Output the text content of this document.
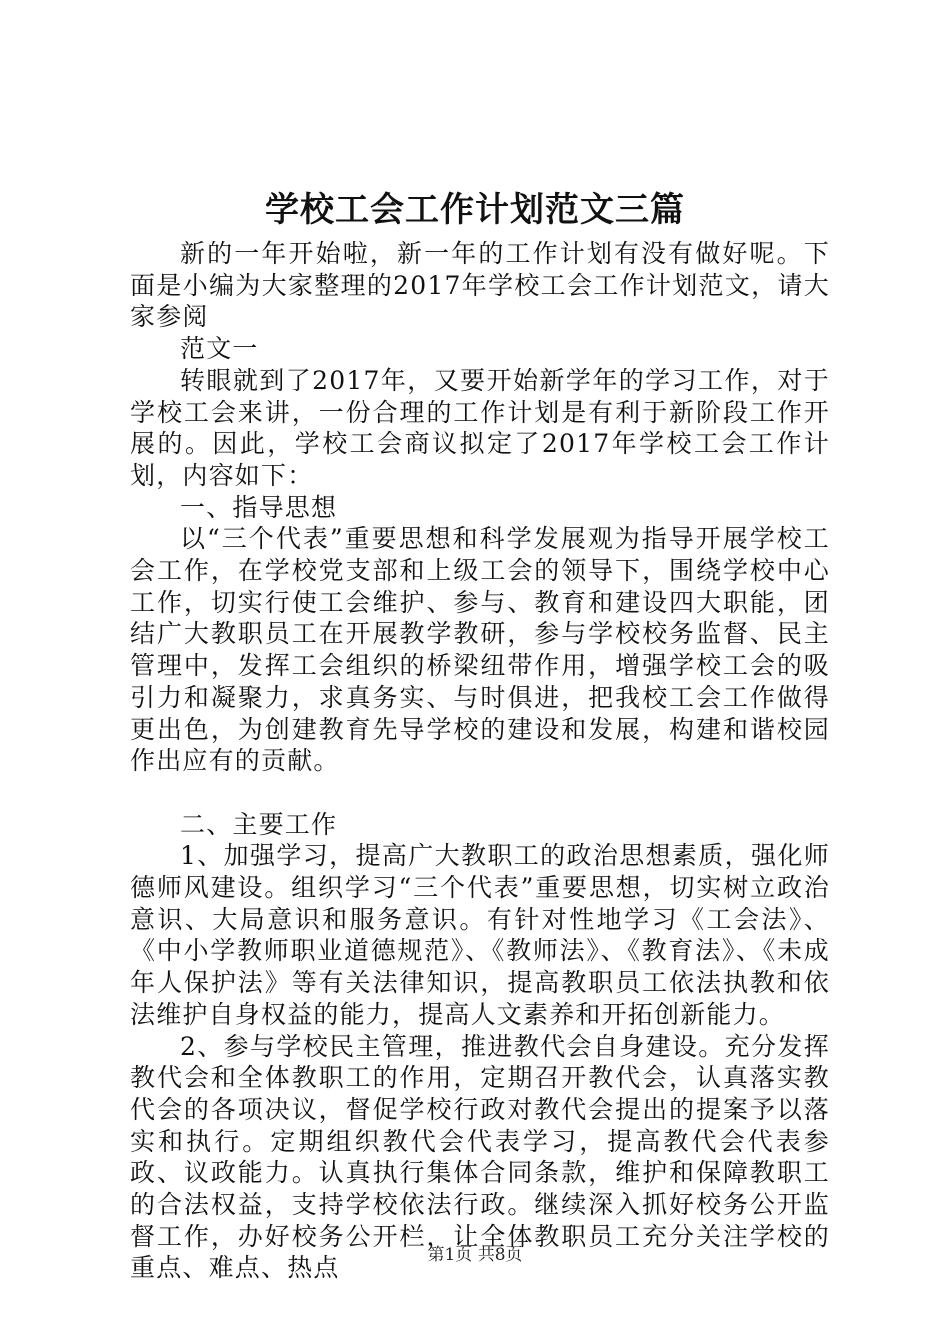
学校工会工作计划范文三篇

新的一年开始啦，新一年的工作计划有没有做好呢。下面是小编为大家整理的2017年学校工会工作计划范文，请大家参阅

范文一

转眼就到了2017年，又要开始新学年的学习工作，对于学校工会来讲，一份合理的工作计划是有利于新阶段工作开展的。因此，学校工会商议拟定了2017年学校工会工作计划，内容如下：

一、指导思想

以“三个代表”重要思想和科学发展观为指导开展学校工会工作，在学校党支部和上级工会的领导下，围绕学校中心工作，切实行使工会维护、参与、教育和建设四大职能，团结广大教职员工在开展教学教研，参与学校校务监督、民主管理中，发挥工会组织的桥梁纽带作用，增强学校工会的吸引力和凝聚力，求真务实、与时俱进，把我校工会工作做得更出色，为创建教育先导学校的建设和发展，构建和谐校园作出应有的贡献。

二、主要工作

1、加强学习，提高广大教职工的政治思想素质，强化师德师风建设。组织学习“三个代表”重要思想，切实树立政治意识、大局意识和服务意识。有针对性地学习《工会法》、《中小学教师职业道德规范》、《教师法》、《教育法》、《未成年人保护法》等有关法律知识，提高教职员工依法执教和依法维护自身权益的能力，提高人文素养和开拓创新能力。

2、参与学校民主管理，推进教代会自身建设。充分发挥教代会和全体教职工的作用，定期召开教代会，认真落实教代会的各项决议，督促学校行政对教代会提出的提案予以落实和执行。定期组织教代会代表学习，提高教代会代表参政、议政能力。认真执行集体合同条款，维护和保障教职工的合法权益，支持学校依法行政。继续深入抓好校务公开监督工作，办好校务公开栏，让全体教职员工充分关注学校的重点、难点、热点	第1页 共8页
